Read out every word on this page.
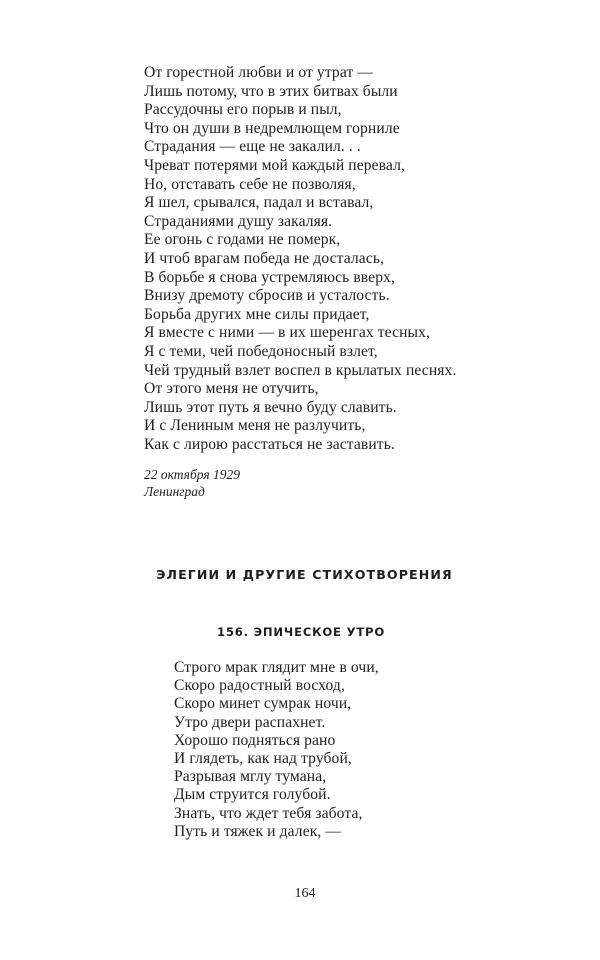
От горестной любви и от утрат —
Лишь потому, что в этих битвах были
Рассудочны его порыв и пыл,
Что он души в недремлющем горниле
Страдания — еще не закалил. . .
Чреват потерями мой каждый перевал,
Но, отставать себе не позволяя,
Я шел, срывался, падал и вставал,
Страданиями душу закаляя.
Ее огонь с годами не померк,
И чтоб врагам победа не досталась,
В борьбе я снова устремляюсь вверх,
Внизу дремоту сбросив и усталость.
Борьба других мне силы придает,
Я вместе с ними — в их шеренгах тесных,
Я с теми, чей победоносный взлет,
Чей трудный взлет воспел в крылатых песнях.
От этого меня не отучить,
Лишь этот путь я вечно буду славить.
И с Лениным меня не разлучить,
Как с лирою расстаться не заставить.
22 октября 1929
Ленинград
ЭЛЕГИИ И ДРУГИЕ СТИХОТВОРЕНИЯ
156. ЭПИЧЕСКОЕ УТРО
Строго мрак глядит мне в очи,
Скоро радостный восход,
Скоро минет сумрак ночи,
Утро двери распахнет.
Хорошо подняться рано
И глядеть, как над трубой,
Разрывая мглу тумана,
Дым струится голубой.
Знать, что ждет тебя забота,
Путь и тяжек и далек, —
164
